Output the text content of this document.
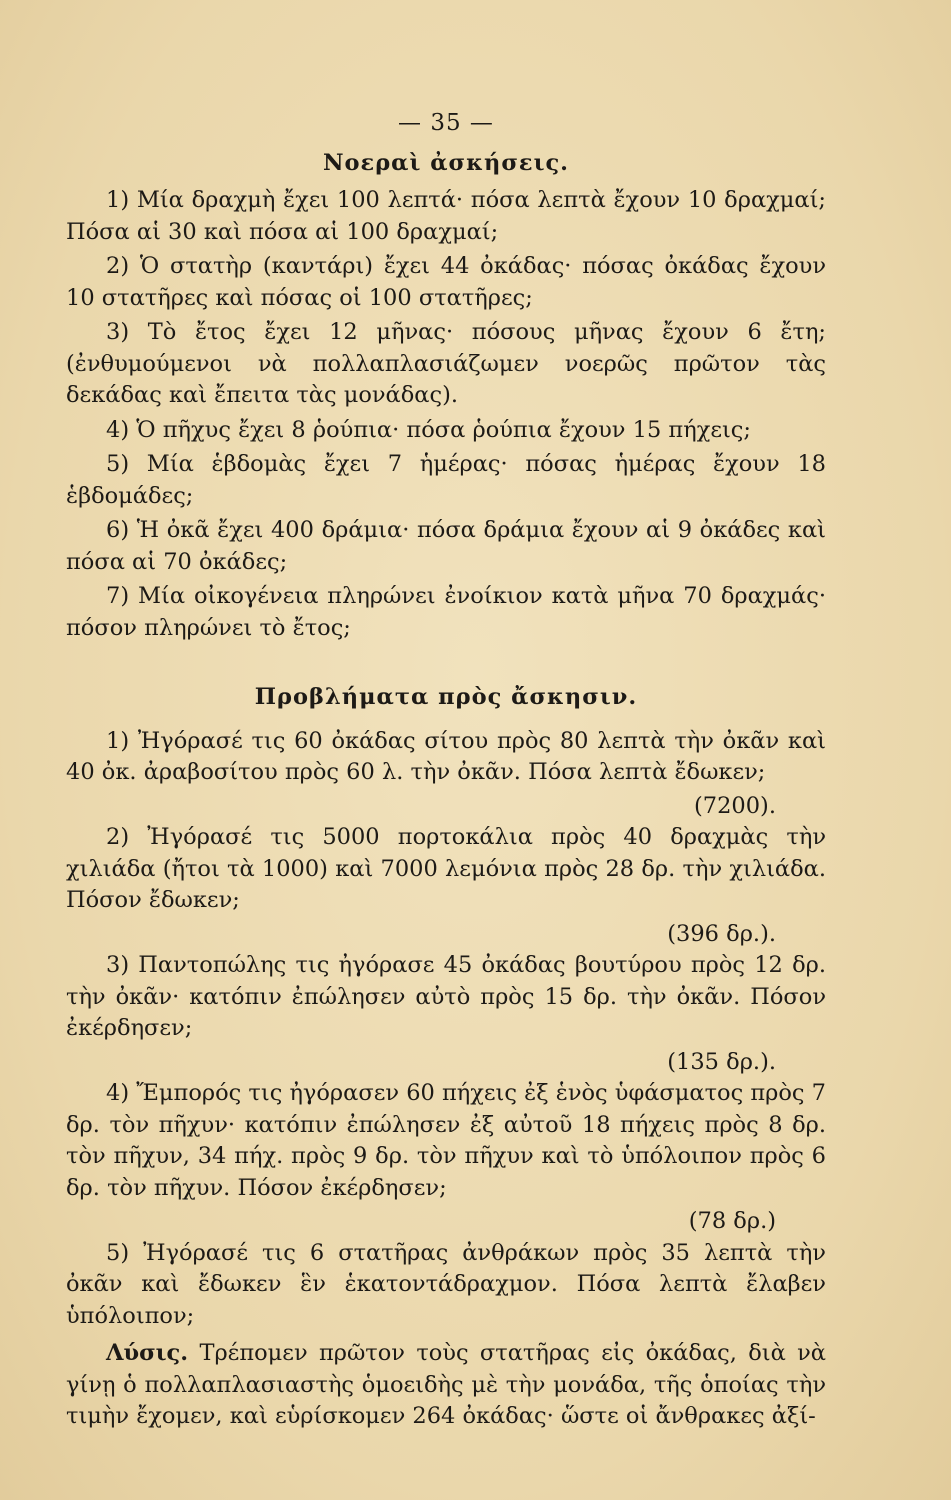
— 35 —
Νοεραὶ ἀσκήσεις.
1) Μία δραχμὴ ἔχει 100 λεπτά· πόσα λεπτὰ ἔχουν 10 δραχμαί; Πόσα αἱ 30 καὶ πόσα αἱ 100 δραχμαί;
2) Ὁ στατὴρ (καντάρι) ἔχει 44 ὀκάδας· πόσας ὀκάδας ἔχουν 10 στατῆρες καὶ πόσας οἱ 100 στατῆρες;
3) Τὸ ἔτος ἔχει 12 μῆνας· πόσους μῆνας ἔχουν 6 ἔτη; (ἐνθυμούμενοι νὰ πολλαπλασιάζωμεν νοερῶς πρῶτον τὰς δεκάδας καὶ ἔπειτα τὰς μονάδας).
4) Ὁ πῆχυς ἔχει 8 ῥούπια· πόσα ῥούπια ἔχουν 15 πήχεις;
5) Μία ἑβδομὰς ἔχει 7 ἡμέρας· πόσας ἡμέρας ἔχουν 18 ἑβδομάδες;
6) Ἡ ὀκᾶ ἔχει 400 δράμια· πόσα δράμια ἔχουν αἱ 9 ὀκάδες καὶ πόσα αἱ 70 ὀκάδες;
7) Μία οἰκογένεια πληρώνει ἐνοίκιον κατὰ μῆνα 70 δραχμάς· πόσον πληρώνει τὸ ἔτος;
Προβλήματα πρὸς ἄσκησιν.
1) Ἠγόρασέ τις 60 ὀκάδας σίτου πρὸς 80 λεπτὰ τὴν ὀκᾶν καὶ 40 ὀκ. ἀραβοσίτου πρὸς 60 λ. τὴν ὀκᾶν. Πόσα λεπτὰ ἔδωκεν;
(7200).
2) Ἠγόρασέ τις 5000 πορτοκάλια πρὸς 40 δραχμὰς τὴν χιλιάδα (ἤτοι τὰ 1000) καὶ 7000 λεμόνια πρὸς 28 δρ. τὴν χιλιάδα. Πόσον ἔδωκεν;
(396 δρ.).
3) Παντοπώλης τις ἠγόρασε 45 ὀκάδας βουτύρου πρὸς 12 δρ. τὴν ὀκᾶν· κατόπιν ἐπώλησεν αὐτὸ πρὸς 15 δρ. τὴν ὀκᾶν. Πόσον ἐκέρδησεν;
(135 δρ.).
4) Ἔμπορός τις ἠγόρασεν 60 πήχεις ἐξ ἑνὸς ὑφάσματος πρὸς 7 δρ. τὸν πῆχυν· κατόπιν ἐπώλησεν ἐξ αὐτοῦ 18 πήχεις πρὸς 8 δρ. τὸν πῆχυν, 34 πήχ. πρὸς 9 δρ. τὸν πῆχυν καὶ τὸ ὑπόλοιπον πρὸς 6 δρ. τὸν πῆχυν. Πόσον ἐκέρδησεν;
(78 δρ.)
5) Ἠγόρασέ τις 6 στατῆρας ἀνθράκων πρὸς 35 λεπτὰ τὴν ὀκᾶν καὶ ἔδωκεν ἓν ἑκατοντάδραχμον. Πόσα λεπτὰ ἔλαβεν ὑπόλοιπον;
Λύσις. Τρέπομεν πρῶτον τοὺς στατῆρας εἰς ὀκάδας, διὰ νὰ γίνῃ ὁ πολλαπλασιαστὴς ὁμοειδὴς μὲ τὴν μονάδα, τῆς ὁποίας τὴν τιμὴν ἔχομεν, καὶ εὑρίσκομεν 264 ὀκάδας· ὥστε οἱ ἄνθρακες ἀξί-
